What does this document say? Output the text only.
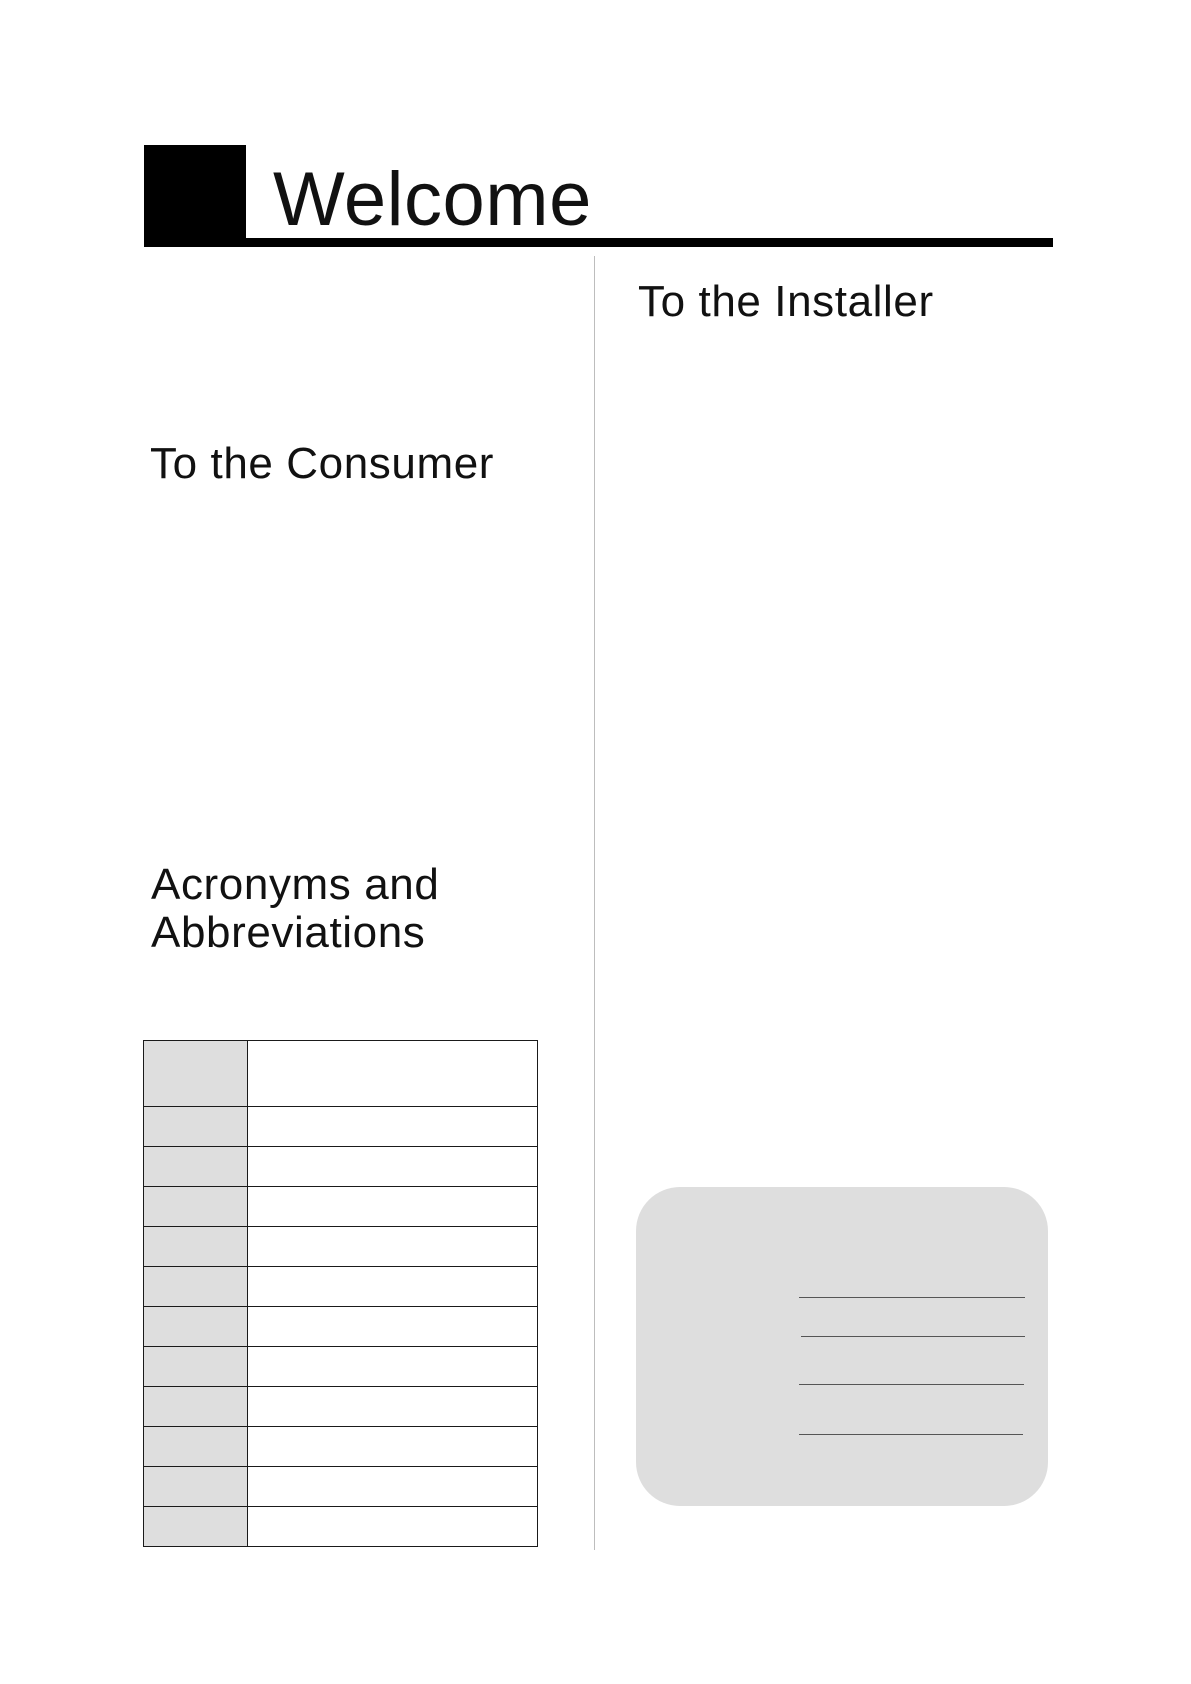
Welcome
To the Installer
To the Consumer
Acronyms and
Abbreviations
